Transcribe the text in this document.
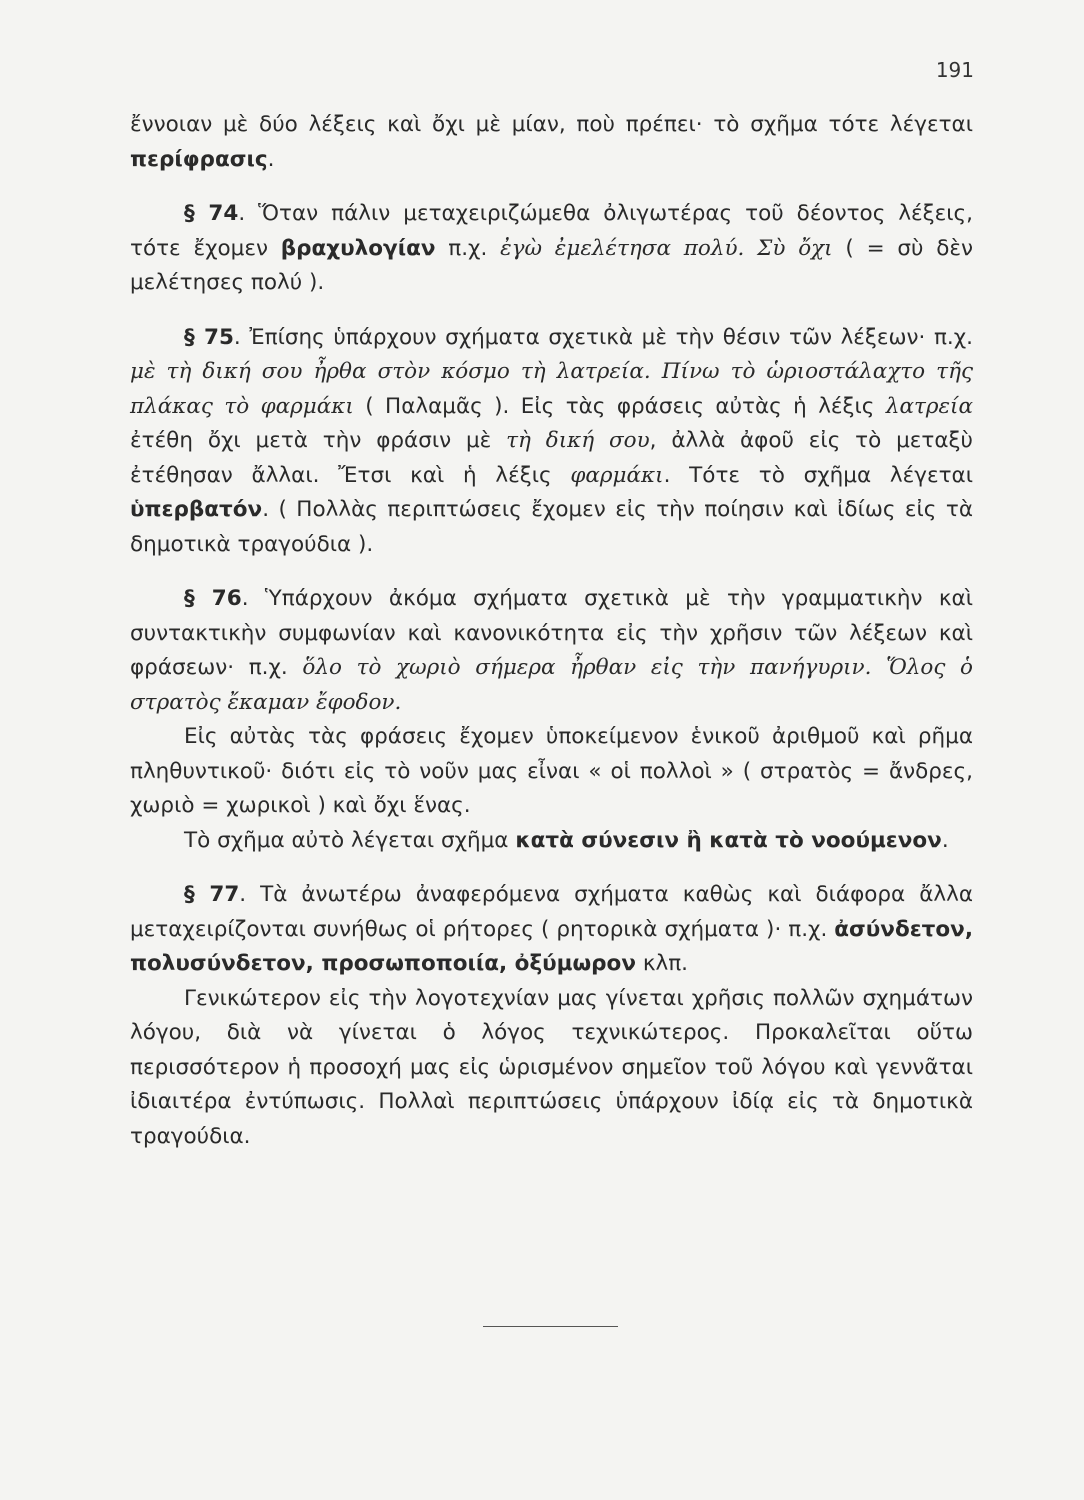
191

ἔννοιαν μὲ δύο λέξεις καὶ ὄχι μὲ μίαν, ποὺ πρέπει· τὸ σχῆμα τότε λέγεται περίφρασις.

§ 74. Ὅταν πάλιν μεταχειριζώμεθα ὀλιγωτέρας τοῦ δέοντος λέξεις, τότε ἔχομεν βραχυλογίαν π.χ. ἐγὼ ἐμελέτησα πολύ. Σὺ ὄχι ( = σὺ δὲν μελέτησες πολύ ).

§ 75. Ἐπίσης ὑπάρχουν σχήματα σχετικὰ μὲ τὴν θέσιν τῶν λέξεων· π.χ. μὲ τὴ δική σου ἦρθα στὸν κόσμο τὴ λατρεία. Πίνω τὸ ὡριοστάλαχτο τῆς πλάκας τὸ φαρμάκι ( Παλαμᾶς ). Εἰς τὰς φράσεις αὐτὰς ἡ λέξις λατρεία ἐτέθη ὄχι μετὰ τὴν φράσιν μὲ τὴ δική σου, ἀλλὰ ἀφοῦ εἰς τὸ μεταξὺ ἐτέθησαν ἄλλαι. Ἔτσι καὶ ἡ λέξις φαρμάκι. Τότε τὸ σχῆμα λέγεται ὑπερβατόν. ( Πολλὰς περιπτώσεις ἔχομεν εἰς τὴν ποίησιν καὶ ἰδίως εἰς τὰ δημοτικὰ τραγούδια ).

§ 76. Ὑπάρχουν ἀκόμα σχήματα σχετικὰ μὲ τὴν γραμματικὴν καὶ συντακτικὴν συμφωνίαν καὶ κανονικότητα εἰς τὴν χρῆσιν τῶν λέξεων καὶ φράσεων· π.χ. ὅλο τὸ χωριὸ σήμερα ἦρθαν εἰς τὴν πανήγυριν. Ὅλος ὁ στρατὸς ἔκαμαν ἔφοδον.

Εἰς αὐτὰς τὰς φράσεις ἔχομεν ὑποκείμενον ἑνικοῦ ἀριθμοῦ καὶ ρῆμα πληθυντικοῦ· διότι εἰς τὸ νοῦν μας εἶναι « οἱ πολλοὶ » ( στρατὸς = ἄνδρες, χωριὸ = χωρικοὶ ) καὶ ὄχι ἕνας.

Τὸ σχῆμα αὐτὸ λέγεται σχῆμα κατὰ σύνεσιν ἢ κατὰ τὸ νοούμενον.

§ 77. Τὰ ἀνωτέρω ἀναφερόμενα σχήματα καθὼς καὶ διάφορα ἄλλα μεταχειρίζονται συνήθως οἱ ρήτορες ( ρητορικὰ σχήματα )· π.χ. ἀσύνδετον, πολυσύνδετον, προσωποποιία, ὀξύμωρον κλπ.

Γενικώτερον εἰς τὴν λογοτεχνίαν μας γίνεται χρῆσις πολλῶν σχημάτων λόγου, διὰ νὰ γίνεται ὁ λόγος τεχνικώτερος. Προκαλεῖται οὕτω περισσότερον ἡ προσοχή μας εἰς ὡρισμένον σημεῖον τοῦ λόγου καὶ γεννᾶται ἰδιαιτέρα ἐντύπωσις. Πολλαὶ περιπτώσεις ὑπάρχουν ἰδίᾳ εἰς τὰ δημοτικὰ τραγούδια.
